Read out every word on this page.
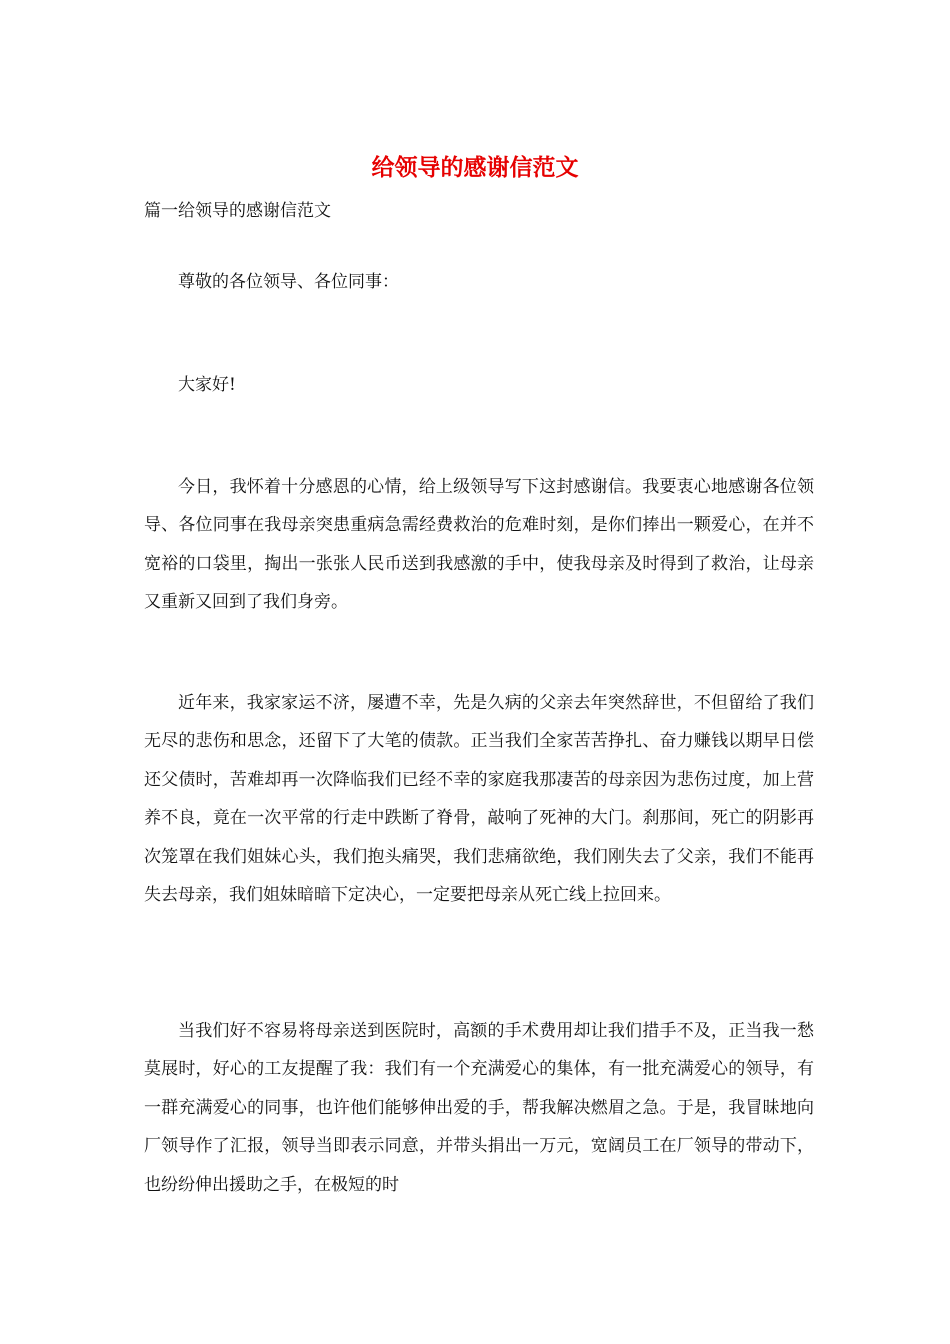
给领导的感谢信范文
篇一给领导的感谢信范文

尊敬的各位领导、各位同事：

大家好!

今日，我怀着十分感恩的心情，给上级领导写下这封感谢信。我要衷心地感谢各位领导、各位同事在我母亲突患重病急需经费救治的危难时刻，是你们捧出一颗爱心，在并不宽裕的口袋里，掏出一张张人民币送到我感激的手中，使我母亲及时得到了救治，让母亲又重新又回到了我们身旁。

近年来，我家家运不济，屡遭不幸，先是久病的父亲去年突然辞世，不但留给了我们无尽的悲伤和思念，还留下了大笔的债款。正当我们全家苦苦挣扎、奋力赚钱以期早日偿还父债时，苦难却再一次降临我们已经不幸的家庭我那凄苦的母亲因为悲伤过度，加上营养不良，竟在一次平常的行走中跌断了脊骨，敲响了死神的大门。刹那间，死亡的阴影再次笼罩在我们姐妹心头，我们抱头痛哭，我们悲痛欲绝，我们刚失去了父亲，我们不能再失去母亲，我们姐妹暗暗下定决心，一定要把母亲从死亡线上拉回来。

当我们好不容易将母亲送到医院时，高额的手术费用却让我们措手不及，正当我一愁莫展时，好心的工友提醒了我：我们有一个充满爱心的集体，有一批充满爱心的领导，有一群充满爱心的同事，也许他们能够伸出爱的手，帮我解决燃眉之急。于是，我冒昧地向厂领导作了汇报，领导当即表示同意，并带头捐出一万元，宽阔员工在厂领导的带动下，也纷纷伸出援助之手，在极短的时
